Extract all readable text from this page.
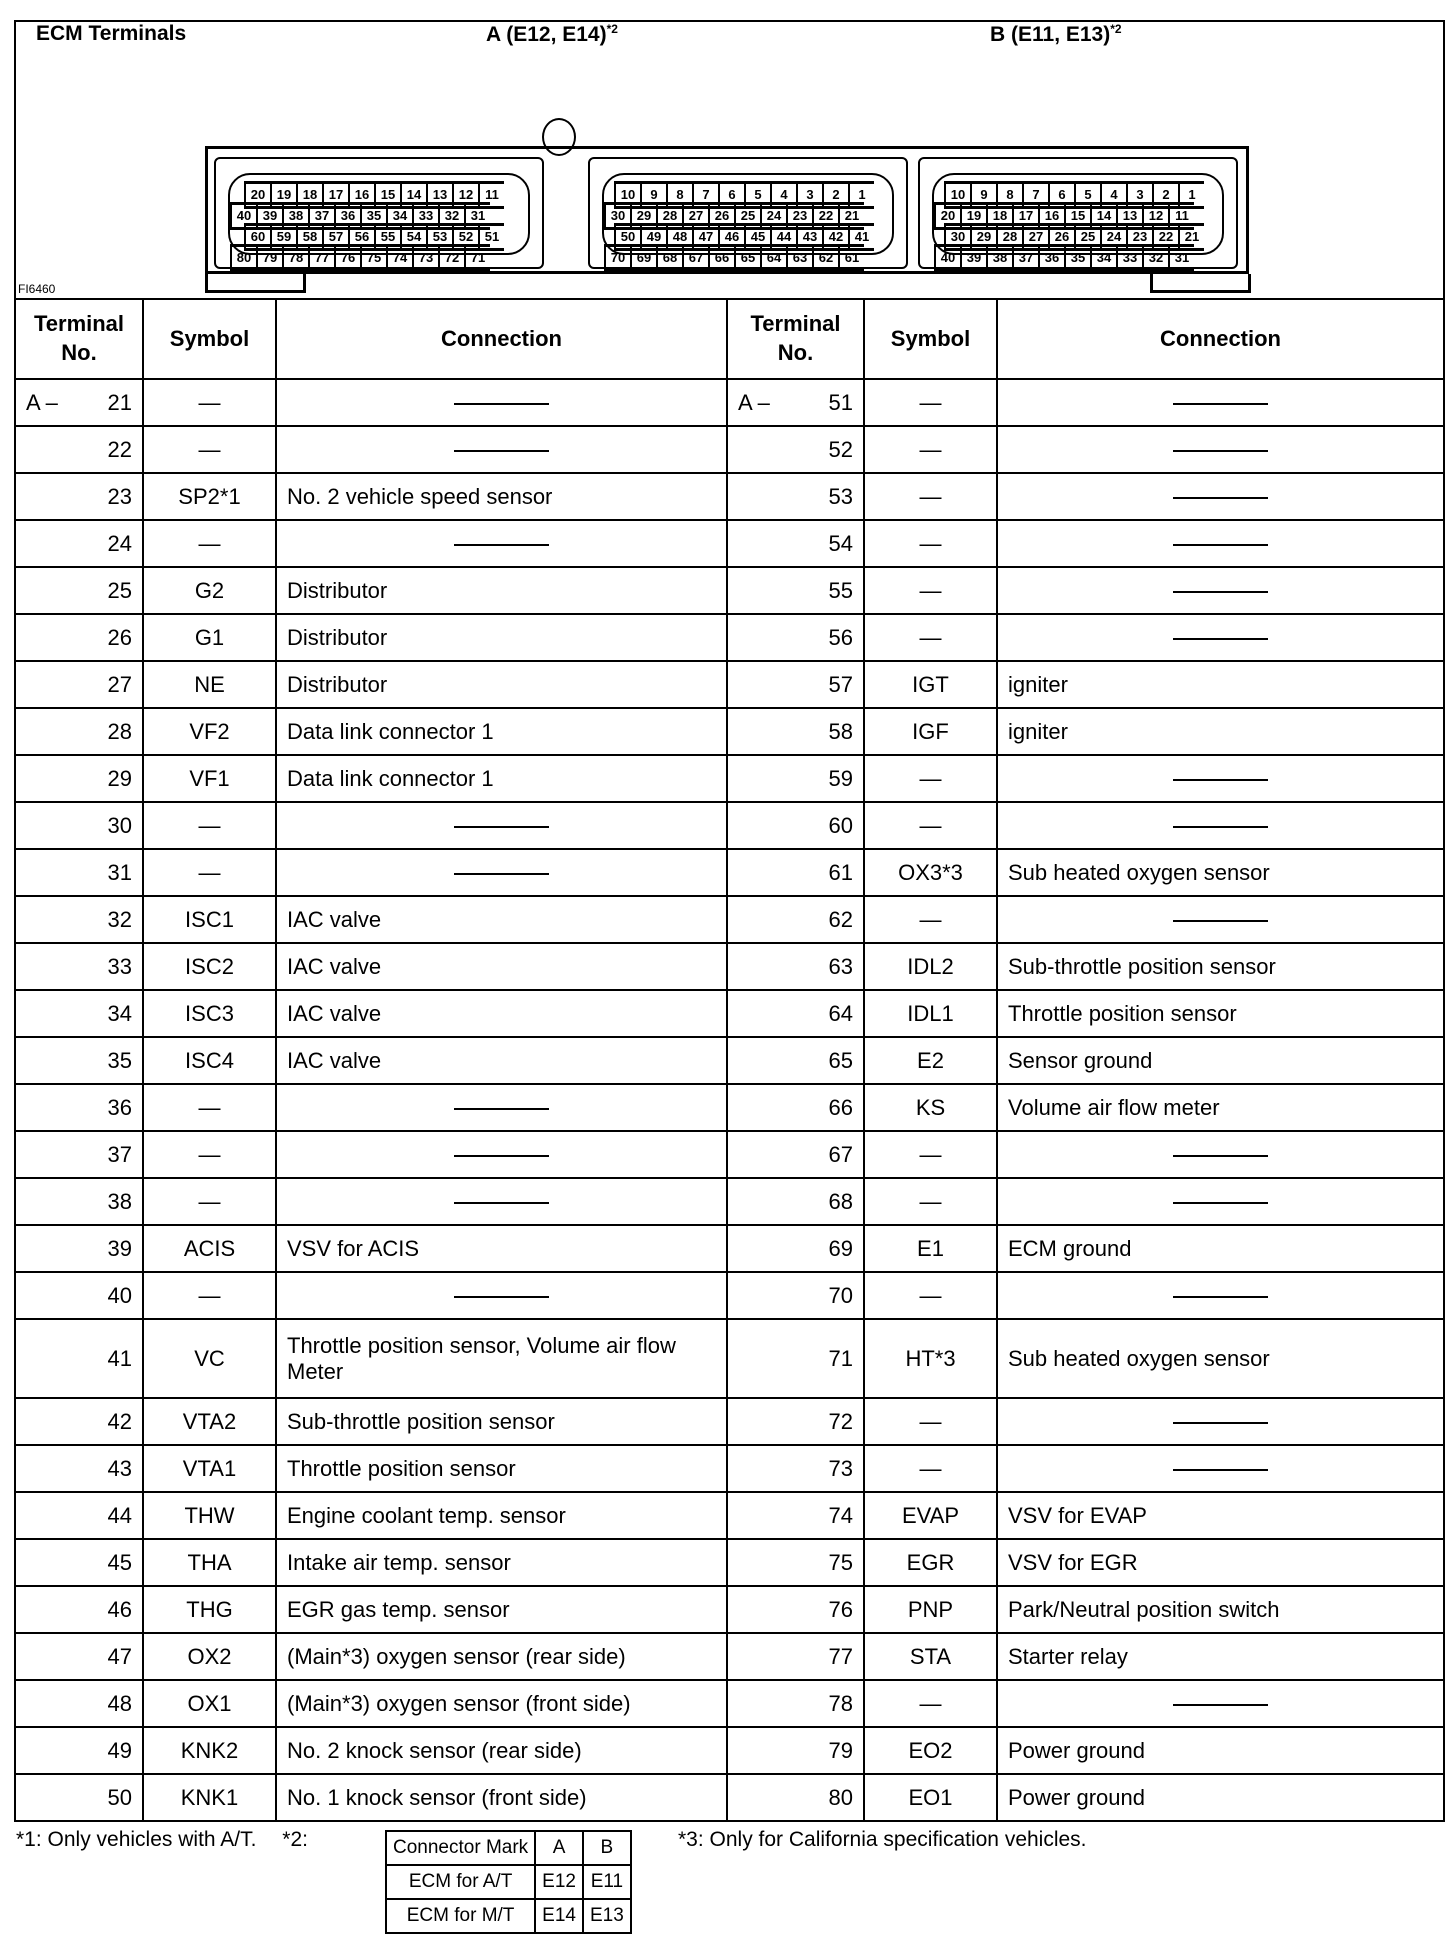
ECM Terminals	A (E12, E14)$^{*2}$	B (E11, E13)$^{*2}$
20 19 18 17 16 15 14 13 12 11
40 39 38 37 36 35 34 33 32 31
60 59 58 57 56 55 54 53 52 51
80 79 78 77 76 75 74 73 72 71
10	9	8	7	6	5	4	3	2	1
30 29 28 27 26 25 24 23 22 21
50 49 48 47 46 45 44 43 42 41
70 69 68 67 66 65 64 63 62 61
10	9	8	7	6	5	4	3	2	1
20 19 18 17 16 15 14 13 12 11
30 29 28 27 26 25 24 23 22 21
40 39 38 37 36 35 34 33 32 31
FI6460
Terminal No.	Symbol	Connection	Terminal No.	Symbol	Connection

A – 21	—		A – 51	—	
22	—		52	—	
23	SP2*1	No. 2 vehicle speed sensor	53	—	
24	—		54	—	
25	G2	Distributor	55	—	
26	G1	Distributor	56	—	
27	NE	Distributor	57	IGT	igniter
28	VF2	Data link connector 1	58	IGF	igniter
29	VF1	Data link connector 1	59	—	
30	—		60	—	
31	—		61	OX3*3	Sub heated oxygen sensor
32	ISC1	IAC valve	62	—	
33	ISC2	IAC valve	63	IDL2	Sub-throttle position sensor
34	ISC3	IAC valve	64	IDL1	Throttle position sensor
35	ISC4	IAC valve	65	E2	Sensor ground
36	—		66	KS	Volume air flow meter
37	—		67	—	
38	—		68	—	
39	ACIS	VSV for ACIS	69	E1	ECM ground
40	—		70	—	
41	VC	Throttle position sensor, Volume air flow Meter	71	HT*3	Sub heated oxygen sensor
42	VTA2	Sub-throttle position sensor	72	—	
43	VTA1	Throttle position sensor	73	—	
44	THW	Engine coolant temp. sensor	74	EVAP	VSV for EVAP
45	THA	Intake air temp. sensor	75	EGR	VSV for EGR
46	THG	EGR gas temp. sensor	76	PNP	Park/Neutral position switch
47	OX2	(Main*3) oxygen sensor (rear side)	77	STA	Starter relay
48	OX1	(Main*3) oxygen sensor (front side)	78	—	
49	KNK2	No. 2 knock sensor (rear side)	79	EO2	Power ground
50	KNK1	No. 1 knock sensor (front side)	80	EO1	Power ground
*1: Only vehicles with A/T. *2:	*3: Only for California specification vehicles.
Connector Mark	A	B
ECM for A/T	E12	E11
ECM for M/T	E14	E13
